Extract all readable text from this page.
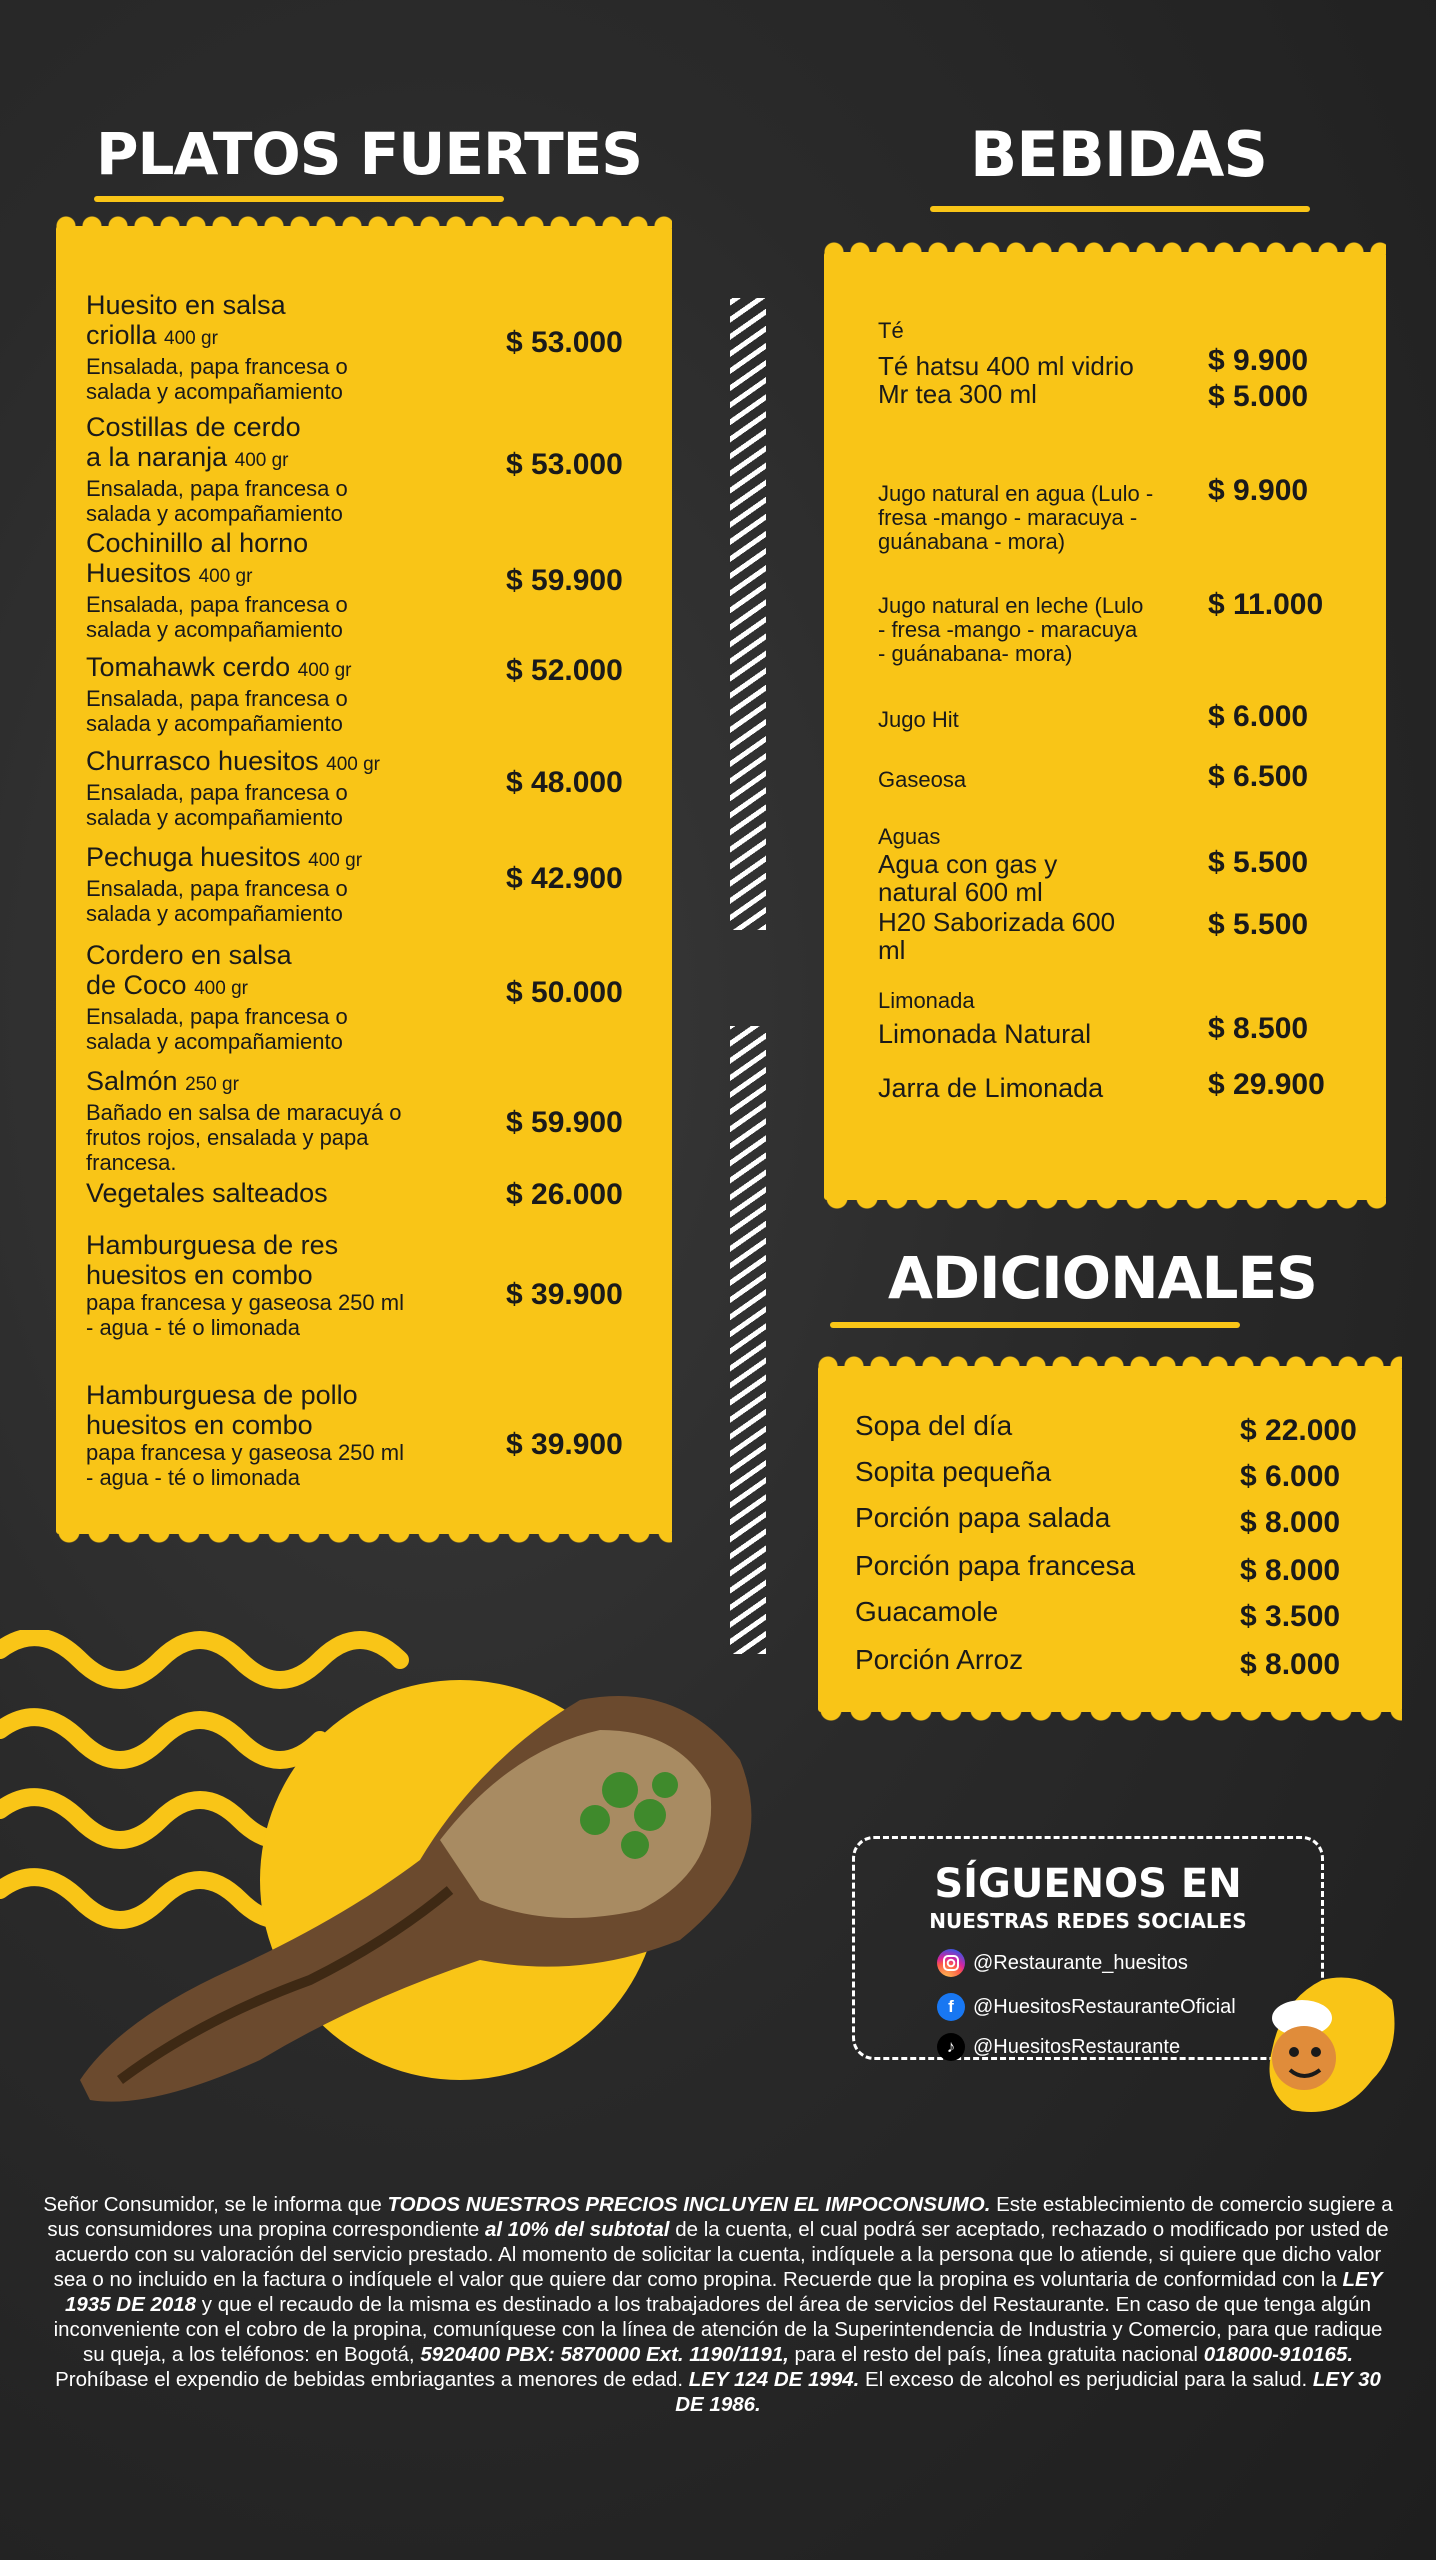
PLATOS FUERTES
Huesito en salsa
criolla 400 gr
Ensalada, papa francesa o salada y acompañamiento
$ 53.000
Costillas de cerdo
a la naranja 400 gr
Ensalada, papa francesa o salada y acompañamiento
$ 53.000
Cochinillo al horno
Huesitos 400 gr
Ensalada, papa francesa o salada y acompañamiento
$ 59.900
Tomahawk cerdo 400 gr
Ensalada, papa francesa o salada y acompañamiento
$ 52.000
Churrasco huesitos 400 gr
Ensalada, papa francesa o salada y acompañamiento
$ 48.000
Pechuga huesitos 400 gr
Ensalada, papa francesa o salada y acompañamiento
$ 42.900
Cordero en salsa
de Coco 400 gr
Ensalada, papa francesa o salada y acompañamiento
$ 50.000
Salmón 250 gr
Bañado en salsa de maracuyá o frutos rojos, ensalada y papa francesa.
$ 59.900
Vegetales salteados	$ 26.000
Hamburguesa de res
huesitos en combo
papa francesa y gaseosa 250 ml - agua - té o limonada
$ 39.900
Hamburguesa de pollo
huesitos en combo
papa francesa y gaseosa 250 ml - agua - té o limonada
$ 39.900
BEBIDAS
Té
Té hatsu 400 ml vidrio $ 9.900
Mr tea 300 ml	$ 5.000
Jugo natural en agua (Lulo - fresa -mango - maracuya - guánabana - mora)
$ 9.900
Jugo natural en leche (Lulo - fresa -mango - maracuya - guánabana- mora)
$ 11.000
Jugo Hit	$ 6.000
Gaseosa	$ 6.500
Aguas
Agua con gas y natural 600 ml
$ 5.500
H20 Saborizada 600 ml
$ 5.500
Limonada
Limonada Natural	$ 8.500
Jarra de Limonada	$ 29.900
ADICIONALES
Sopa del día	$ 22.000
Sopita pequeña	$ 6.000
Porción papa salada	$ 8.000
Porción papa francesa	$ 8.000
Guacamole	$ 3.500
Porción Arroz	$ 8.000
SÍGUENOS EN
NUESTRAS REDES SOCIALES
@Restaurante_huesitos
f @HuesitosRestauranteOficial
♪ @HuesitosRestaurante
Señor Consumidor, se le informa que TODOS NUESTROS PRECIOS INCLUYEN EL IMPOCONSUMO. Este establecimiento de comercio sugiere a sus consumidores una propina correspondiente al 10% del subtotal de la cuenta, el cual podrá ser aceptado, rechazado o modificado por usted de acuerdo con su valoración del servicio prestado. Al momento de solicitar la cuenta, indíquele a la persona que lo atiende, si quiere que dicho valor sea o no incluido en la factura o indíquele el valor que quiere dar como propina. Recuerde que la propina es voluntaria de conformidad con la LEY 1935 DE 2018 y que el recaudo de la misma es destinado a los trabajadores del área de servicios del Restaurante. En caso de que tenga algún inconveniente con el cobro de la propina, comuníquese con la línea de atención de la Superintendencia de Industria y Comercio, para que radique su queja, a los teléfonos: en Bogotá, 5920400 PBX: 5870000 Ext. 1190/1191, para el resto del país, línea gratuita nacional 018000-910165. Prohíbase el expendio de bebidas embriagantes a menores de edad. LEY 124 DE 1994. El exceso de alcohol es perjudicial para la salud. LEY 30 DE 1986.
